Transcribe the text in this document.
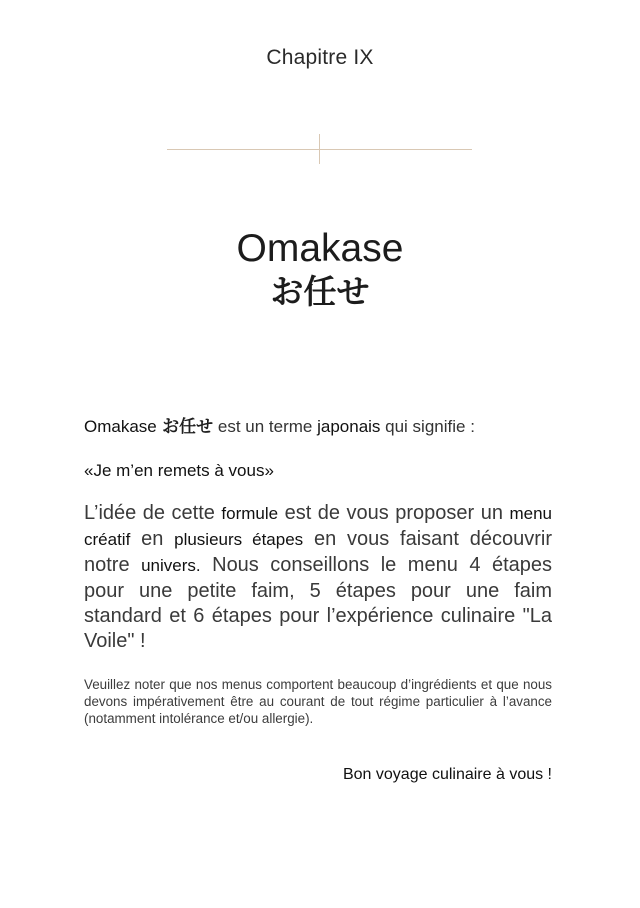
Chapitre IX
Omakase
お任せ
Omakase お任せ est un terme japonais qui signifie :
«Je m’en remets à vous»
L’idée de cette formule est de vous proposer un menu créatif en plusieurs étapes en vous faisant découvrir notre univers. Nous conseillons le menu 4 étapes pour une petite faim, 5 étapes pour une faim standard et 6 étapes pour l’expérience culinaire "La Voile" !
Veuillez noter que nos menus comportent beaucoup d’ingrédients et que nous devons impérativement être au courant de tout régime particulier à l’avance (notamment intolérance et/ou allergie).
Bon voyage culinaire à vous !
